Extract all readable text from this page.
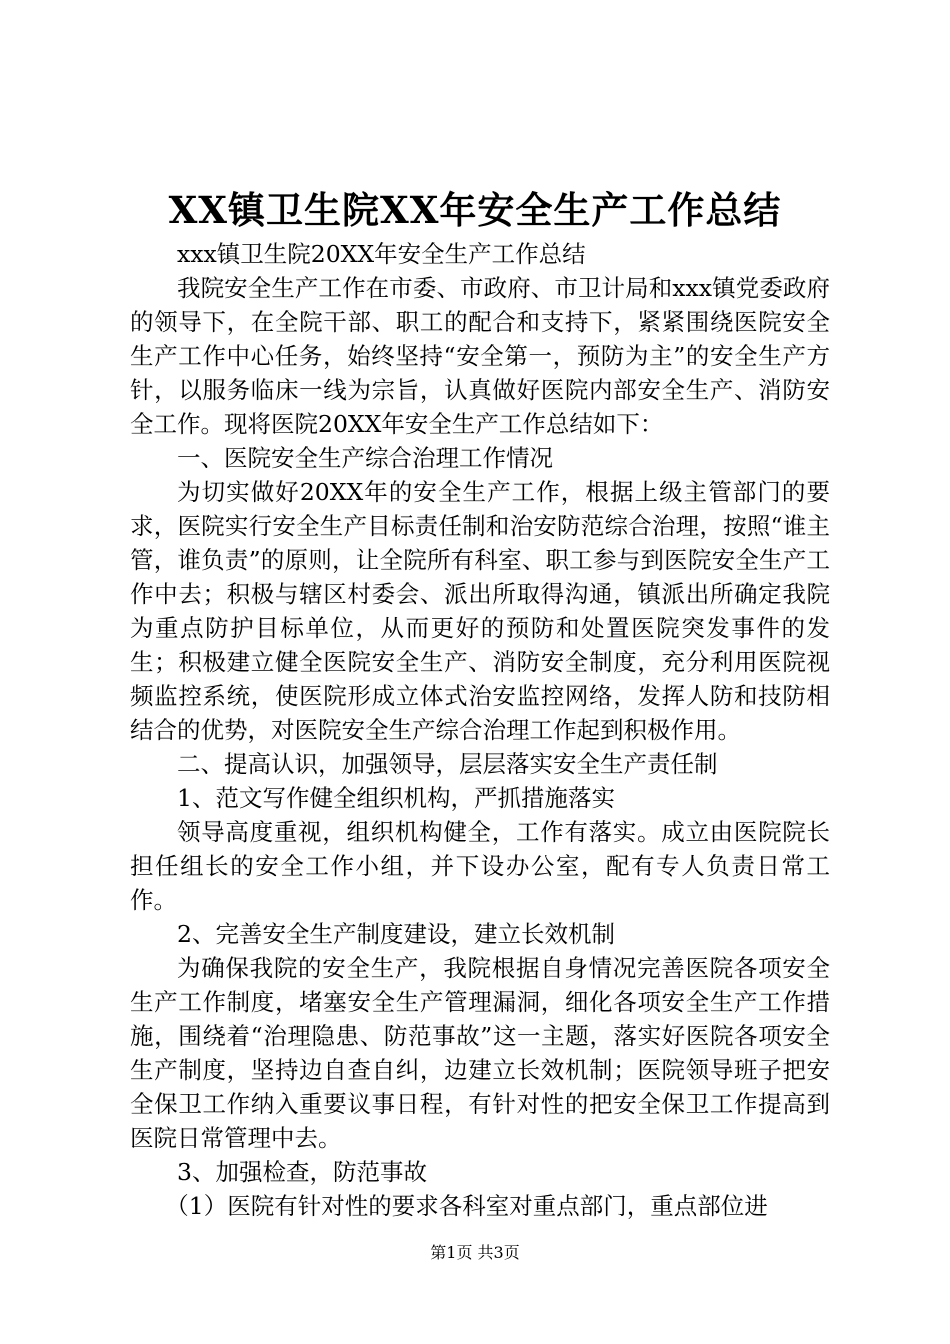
XX镇卫生院XX年安全生产工作总结

xxx镇卫生院20XX年安全生产工作总结

我院安全生产工作在市委、市政府、市卫计局和xxx镇党委政府的领导下，在全院干部、职工的配合和支持下，紧紧围绕医院安全生产工作中心任务，始终坚持“安全第一，预防为主”的安全生产方针，以服务临床一线为宗旨，认真做好医院内部安全生产、消防安全工作。现将医院20XX年安全生产工作总结如下：

一、医院安全生产综合治理工作情况

为切实做好20XX年的安全生产工作，根据上级主管部门的要求，医院实行安全生产目标责任制和治安防范综合治理，按照“谁主管，谁负责”的原则，让全院所有科室、职工参与到医院安全生产工作中去；积极与辖区村委会、派出所取得沟通，镇派出所确定我院为重点防护目标单位，从而更好的预防和处置医院突发事件的发生；积极建立健全医院安全生产、消防安全制度，充分利用医院视频监控系统，使医院形成立体式治安监控网络，发挥人防和技防相结合的优势，对医院安全生产综合治理工作起到积极作用。

二、提高认识，加强领导，层层落实安全生产责任制

1、范文写作健全组织机构，严抓措施落实

领导高度重视，组织机构健全，工作有落实。成立由医院院长担任组长的安全工作小组，并下设办公室，配有专人负责日常工作。

2、完善安全生产制度建设，建立长效机制

为确保我院的安全生产，我院根据自身情况完善医院各项安全生产工作制度，堵塞安全生产管理漏洞，细化各项安全生产工作措施，围绕着“治理隐患、防范事故”这一主题，落实好医院各项安全生产制度，坚持边自查自纠，边建立长效机制；医院领导班子把安全保卫工作纳入重要议事日程，有针对性的把安全保卫工作提高到医院日常管理中去。

3、加强检查，防范事故

（1）医院有针对性的要求各科室对重点部门，重点部位进

第1页 共3页
